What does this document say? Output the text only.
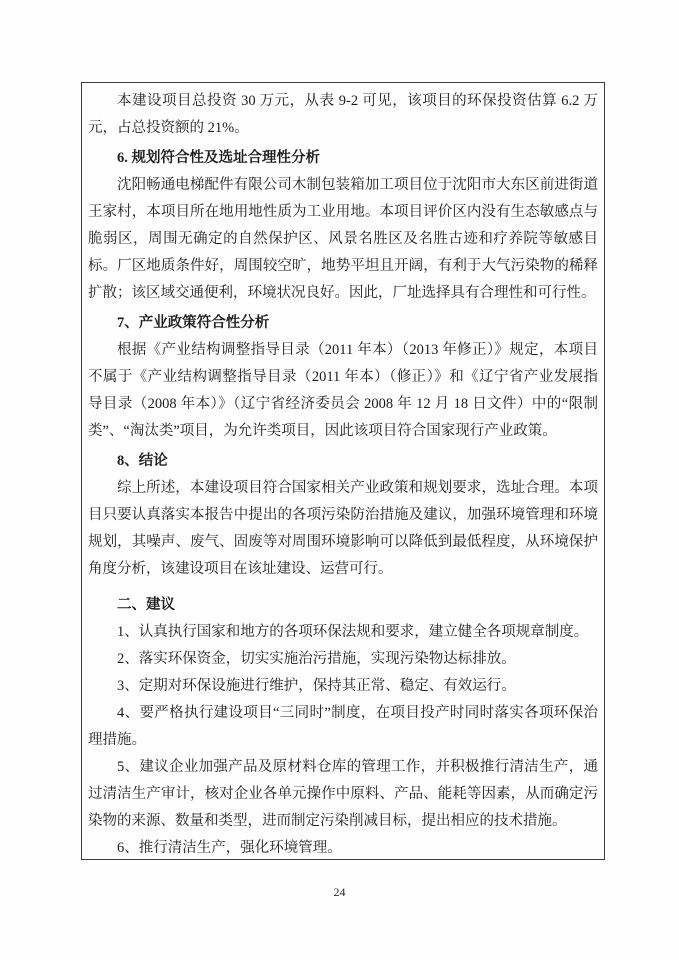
本建设项目总投资 30 万元，从表 9-2 可见，该项目的环保投资估算 6.2 万元，占总投资额的 21%。

6. 规划符合性及选址合理性分析

沈阳畅通电梯配件有限公司木制包装箱加工项目位于沈阳市大东区前进街道王家村，本项目所在地用地性质为工业用地。本项目评价区内没有生态敏感点与脆弱区，周围无确定的自然保护区、风景名胜区及名胜古迹和疗养院等敏感目标。厂区地质条件好，周围较空旷，地势平坦且开阔，有利于大气污染物的稀释扩散；该区域交通便利，环境状况良好。因此，厂址选择具有合理性和可行性。

7、产业政策符合性分析

根据《产业结构调整指导目录（2011 年本）（2013 年修正）》规定，本项目不属于《产业结构调整指导目录（2011 年本）（修正）》和《辽宁省产业发展指导目录（2008 年本）》（辽宁省经济委员会 2008 年 12 月 18 日文件）中的“限制类”、“淘汰类”项目，为允许类项目，因此该项目符合国家现行产业政策。

8、结论

综上所述，本建设项目符合国家相关产业政策和规划要求，选址合理。本项目只要认真落实本报告中提出的各项污染防治措施及建议，加强环境管理和环境规划，其噪声、废气、固废等对周围环境影响可以降低到最低程度，从环境保护角度分析，该建设项目在该址建设、运营可行。

二、建议

1、认真执行国家和地方的各项环保法规和要求，建立健全各项规章制度。

2、落实环保资金，切实实施治污措施，实现污染物达标排放。

3、定期对环保设施进行维护，保持其正常、稳定、有效运行。

4、要严格执行建设项目“三同时”制度，在项目投产时同时落实各项环保治理措施。

5、建议企业加强产品及原材料仓库的管理工作，并积极推行清洁生产，通过清洁生产审计，核对企业各单元操作中原料、产品、能耗等因素，从而确定污染物的来源、数量和类型，进而制定污染削减目标，提出相应的技术措施。

6、推行清洁生产，强化环境管理。

24
